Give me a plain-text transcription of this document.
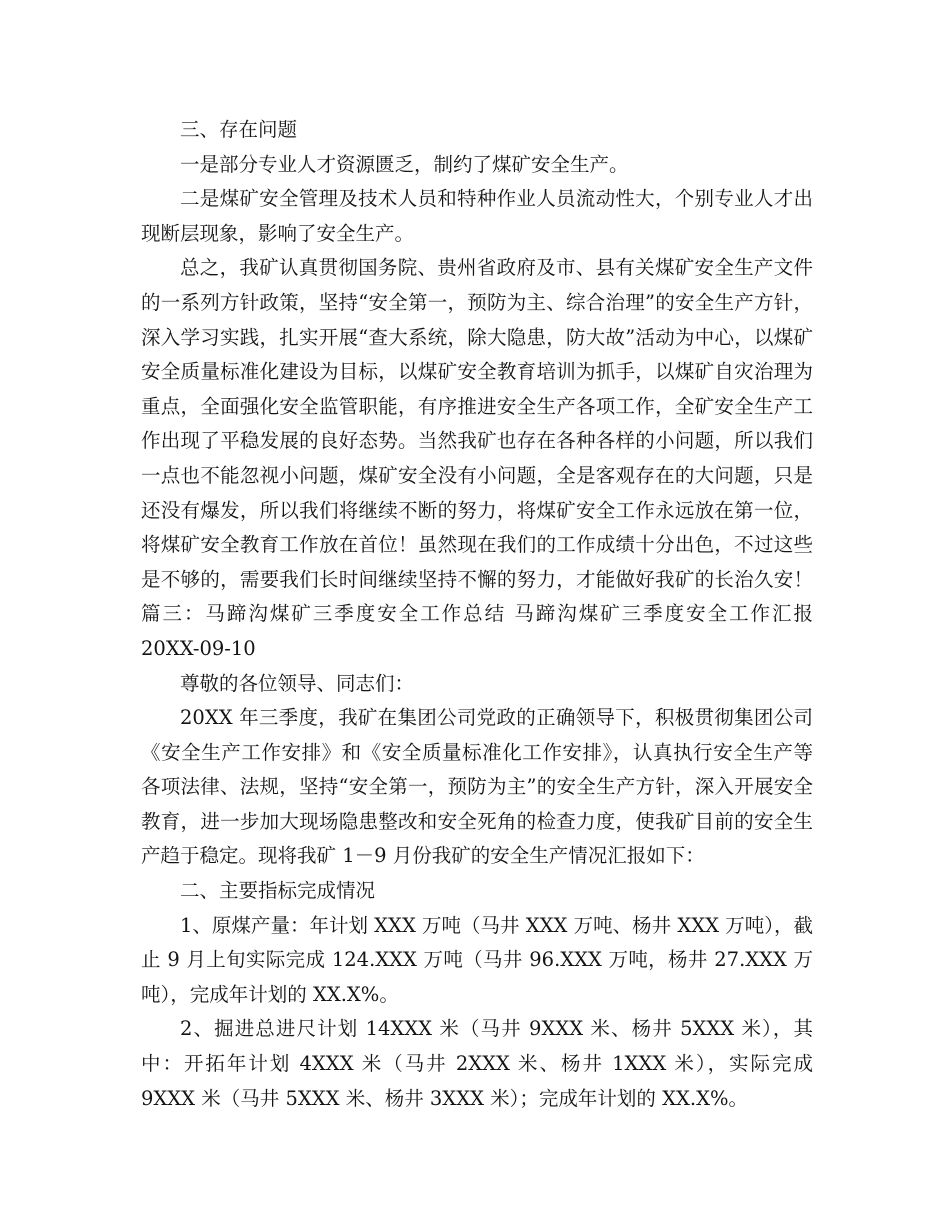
三、存在问题

一是部分专业人才资源匮乏，制约了煤矿安全生产。

二是煤矿安全管理及技术人员和特种作业人员流动性大，个别专业人才出现断层现象，影响了安全生产。

总之，我矿认真贯彻国务院、贵州省政府及市、县有关煤矿安全生产文件的一系列方针政策，坚持“安全第一，预防为主、综合治理”的安全生产方针，深入学习实践，扎实开展“查大系统，除大隐患，防大故”活动为中心，以煤矿安全质量标准化建设为目标，以煤矿安全教育培训为抓手，以煤矿自灾治理为重点，全面强化安全监管职能，有序推进安全生产各项工作，全矿安全生产工作出现了平稳发展的良好态势。当然我矿也存在各种各样的小问题，所以我们一点也不能忽视小问题，煤矿安全没有小问题，全是客观存在的大问题，只是还没有爆发，所以我们将继续不断的努力，将煤矿安全工作永远放在第一位，将煤矿安全教育工作放在首位！虽然现在我们的工作成绩十分出色，不过这些是不够的，需要我们长时间继续坚持不懈的努力，才能做好我矿的长治久安！篇三：马蹄沟煤矿三季度安全工作总结 马蹄沟煤矿三季度安全工作汇报 20XX-09-10

尊敬的各位领导、同志们：

20XX 年三季度，我矿在集团公司党政的正确领导下，积极贯彻集团公司《安全生产工作安排》和《安全质量标准化工作安排》，认真执行安全生产等各项法律、法规，坚持“安全第一，预防为主”的安全生产方针，深入开展安全教育，进一步加大现场隐患整改和安全死角的检查力度，使我矿目前的安全生产趋于稳定。现将我矿 1－9 月份我矿的安全生产情况汇报如下：

二、主要指标完成情况

1、原煤产量：年计划 XXX 万吨（马井 XXX 万吨、杨井 XXX 万吨），截止 9 月上旬实际完成 124.XXX 万吨（马井 96.XXX 万吨，杨井 27.XXX 万吨），完成年计划的 XX.X%。

2、掘进总进尺计划 14XXX 米（马井 9XXX 米、杨井 5XXX 米），其中：开拓年计划 4XXX 米（马井 2XXX 米、杨井 1XXX 米），实际完成 9XXX 米（马井 5XXX 米、杨井 3XXX 米）；完成年计划的 XX.X%。
